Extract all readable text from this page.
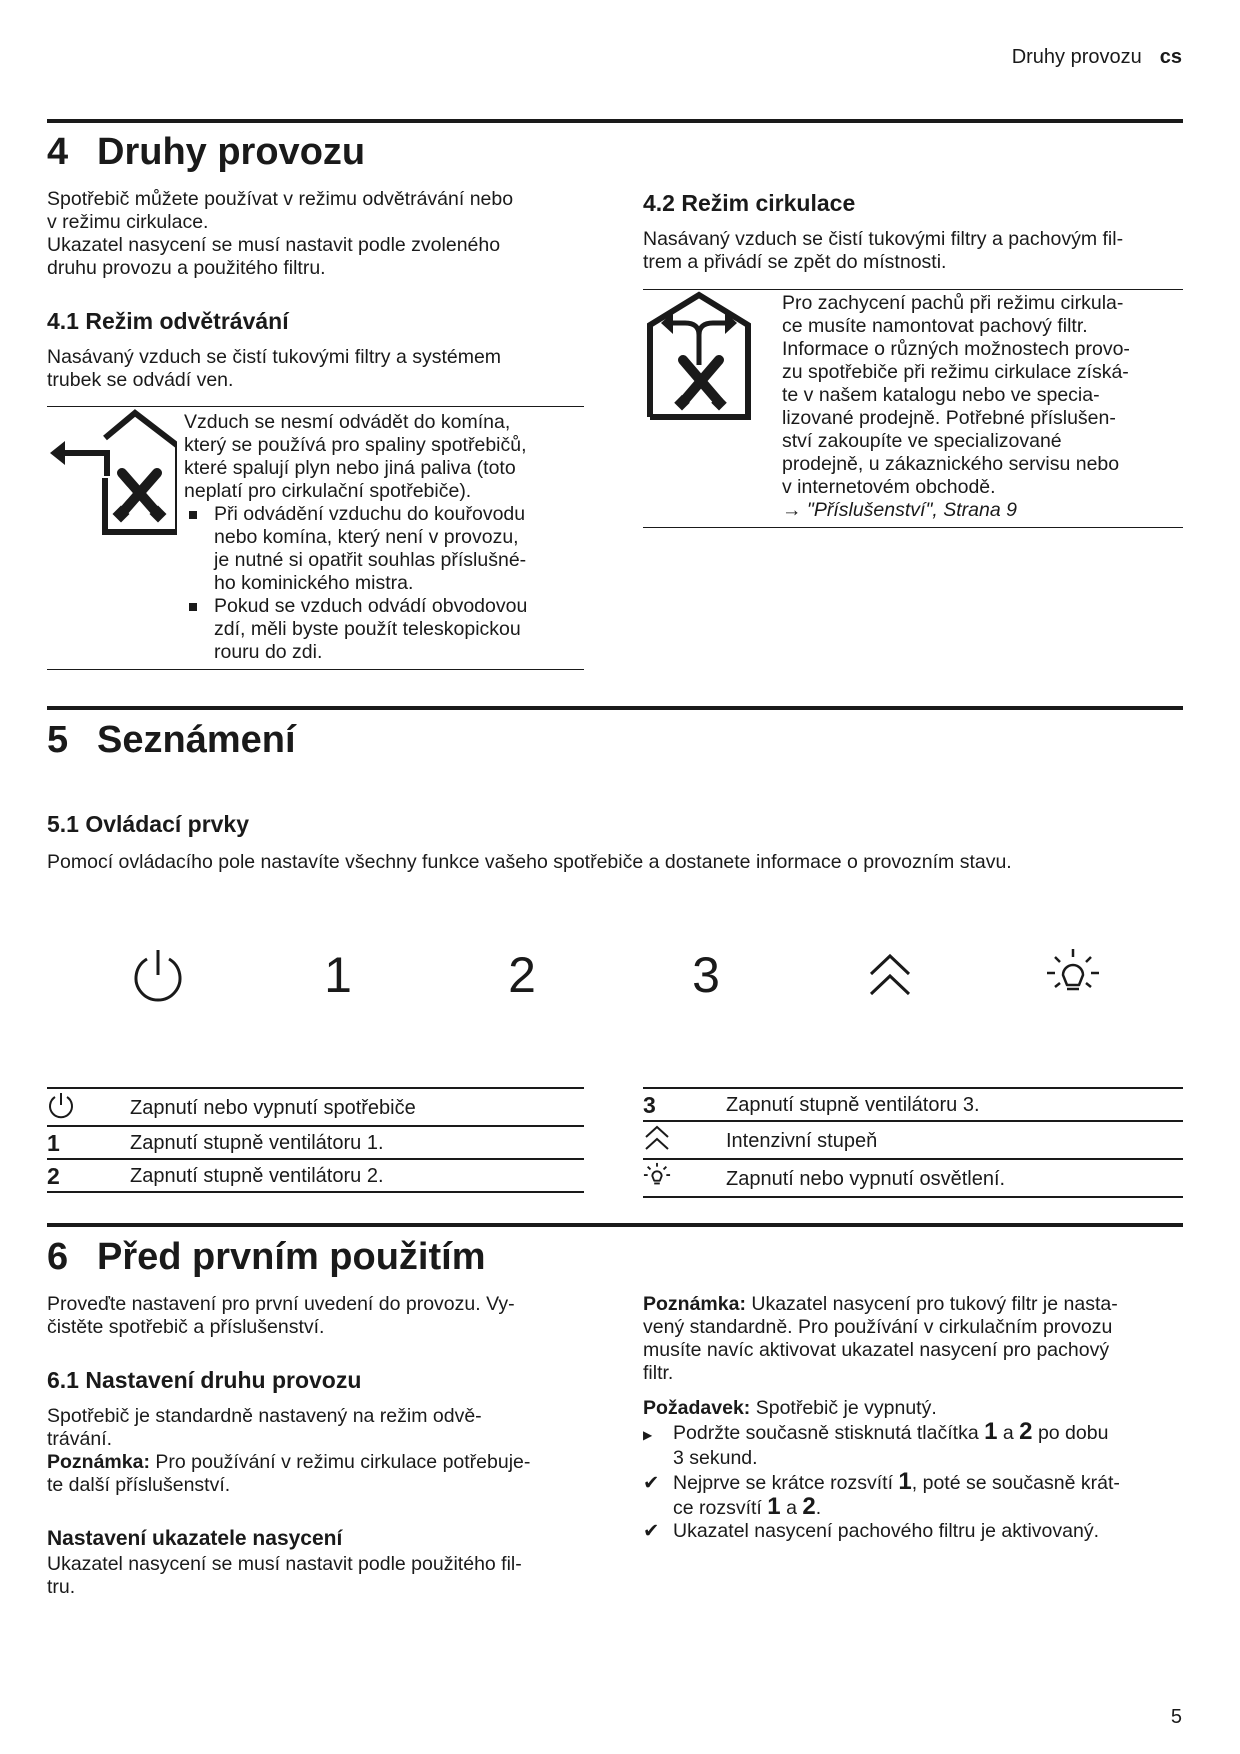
Druhy provozu cs
4 Druhy provozu

Spotřebič můžete používat v režimu odvětrávání nebo

v režimu cirkulace.

Ukazatel nasycení se musí nastavit podle zvoleného

druhu provozu a použitého filtru.

4.1 Režim odvětrávání

Nasávaný vzduch se čistí tukovými filtry a systémem

trubek se odvádí ven.

Vzduch se nesmí odvádět do komína,

který se používá pro spaliny spotřebičů,

které spalují plyn nebo jiná paliva (toto

neplatí pro cirkulační spotřebiče).

Při odvádění vzduchu do kouřovodu

nebo komína, který není v provozu,

je nutné si opatřit souhlas příslušné-

ho kominického mistra.

Pokud se vzduch odvádí obvodovou

zdí, měli byste použít teleskopickou

rouru do zdi.

4.2 Režim cirkulace

Nasávaný vzduch se čistí tukovými filtry a pachovým fil-

trem a přivádí se zpět do místnosti.

Pro zachycení pachů při režimu cirkula-

ce musíte namontovat pachový filtr.

Informace o různých možnostech provo-

zu spotřebiče při režimu cirkulace získá-

te v našem katalogu nebo ve specia-

lizované prodejně. Potřebné příslušen-

ství zakoupíte ve specializované

prodejně, u zákaznického servisu nebo

v internetovém obchodě.

→ "Příslušenství", Strana 9

5 Seznámení
5.1 Ovládací prvky

Pomocí ovládacího pole nastavíte všechny funkce vašeho spotřebiče a dostanete informace o provozním stavu.

1	2	3
	Zapnutí nebo vypnutí spotřebiče
1	Zapnutí stupně ventilátoru 1.
2	Zapnutí stupně ventilátoru 2.
3	Zapnutí stupně ventilátoru 3.
	Intenzivní stupeň
	Zapnutí nebo vypnutí osvětlení.
6 Před prvním použitím

Proveďte nastavení pro první uvedení do provozu. Vy-

čistěte spotřebič a příslušenství.

6.1 Nastavení druhu provozu

Spotřebič je standardně nastavený na režim odvě-

trávání.

Poznámka: Pro používání v režimu cirkulace potřebuje-

te další příslušenství.

Nastavení ukazatele nasycení

Ukazatel nasycení se musí nastavit podle použitého fil-

tru.

Poznámka: Ukazatel nasycení pro tukový filtr je nasta-

vený standardně. Pro používání v cirkulačním provozu

musíte navíc aktivovat ukazatel nasycení pro pachový

filtr.

Požadavek: Spotřebič je vypnutý.

▶ Podržte současně stisknutá tlačítka 1 a 2 po dobu

3 sekund.

✔ Nejprve se krátce rozsvítí 1, poté se současně krát-

ce rozsvítí 1 a 2.

✔ Ukazatel nasycení pachového filtru je aktivovaný.

5
